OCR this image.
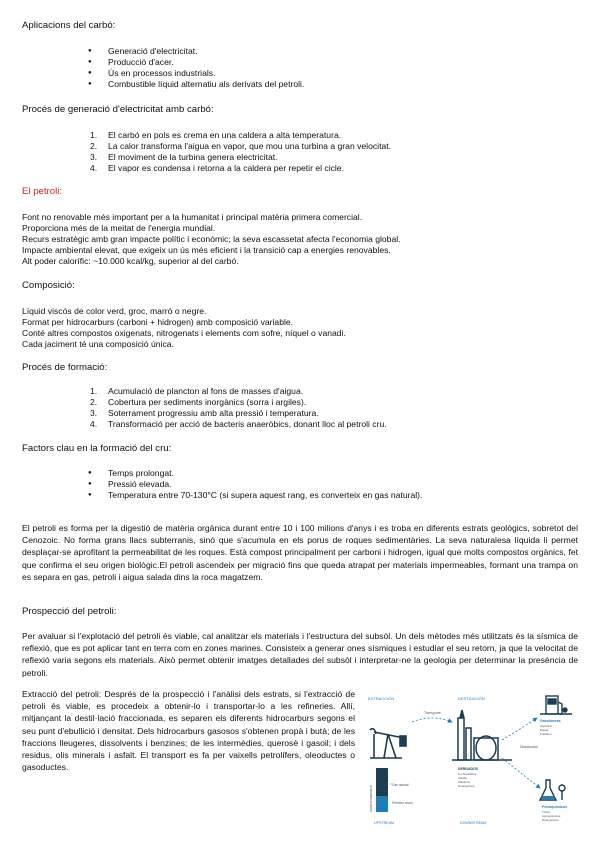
Aplicacions del carbó:
● Generació d'electricitat.
● Producció d'acer.
● Ús en processos industrials.
● Combustible líquid alternatiu als derivats del petroli.
Procés de generació d'electricitat amb carbó:
1. El carbó en pols es crema en una caldera a alta temperatura.
2. La calor transforma l'aigua en vapor, que mou una turbina a gran velocitat.
3. El moviment de la turbina genera electricitat.
4. El vapor es condensa i retorna a la caldera per repetir el cicle.
El petroli:
Font no renovable més important per a la humanitat i principal matèria primera comercial.
Proporciona més de la meitat de l'energia mundial.
Recurs estratègic amb gran impacte polític i econòmic; la seva escassetat afecta l'economia global.
Impacte ambiental elevat, que exigeix un ús més eficient i la transició cap a energies renovables.
Alt poder calorífic: ~10.000 kcal/kg, superior al del carbó.
Composició:
Líquid viscós de color verd, groc, marró o negre.
Format per hidrocarburs (carboni + hidrogen) amb composició variable.
Conté altres compostos oxigenats, nitrogenats i elements com sofre, níquel o vanadi.
Cada jaciment té una composició única.
Procés de formació:
1. Acumulació de plancton al fons de masses d'aigua.
2. Cobertura per sediments inorgànics (sorra i argiles).
3. Soterrament progressiu amb alta pressió i temperatura.
4. Transformació per acció de bacteris anaeròbics, donant lloc al petroli cru.
Factors clau en la formació del cru:
● Temps prolongat.
● Pressió elevada.
● Temperatura entre 70-130°C (si supera aquest rang, es converteix en gas natural).
El petroli es forma per la digestió de matèria orgànica durant entre 10 i 100 milions d'anys i es troba en diferents estrats geològics, sobretot del Cenozoic. No forma grans llacs subterranis, sinó que s'acumula en els porus de roques sedimentàries. La seva naturalesa líquida li permet desplaçar-se aprofitant la permeabilitat de les roques. Està compost principalment per carboni i hidrogen, igual que molts compostos orgànics, fet que confirma el seu origen biològic.El petroli ascendeix per migració fins que queda atrapat per materials impermeables, formant una trampa on es separa en gas, petroli i aigua salada dins la roca magatzem.
Prospecció del petroli:
Per avaluar si l'explotació del petroli és viable, cal analitzar els materials i l'estructura del subsòl. Un dels mètodes més utilitzats és la sísmica de reflexió, que es pot aplicar tant en terra com en zones marines. Consisteix a generar ones sísmiques i estudiar el seu retorn, ja que la velocitat de reflexió varia segons els materials. Això permet obtenir imatges detallades del subsòl i interpretar-ne la geologia per determinar la presència de petroli.
Extracció del petroli: Després de la prospecció i l'anàlisi dels estrats, si l'extracció de petroli és viable, es procedeix a obtenir-lo i transportar-lo a les refineries. Allí, mitjançant la destil·lació fraccionada, es separen els diferents hidrocarburs segons el seu punt d'ebullició i densitat. Dels hidrocarburs gasosos s'obtenen propà i butà; de les fraccions lleugeres, dissolvents i benzines; de les intermèdies, querosè i gasoil; i dels residus, olis minerals i asfalt. El transport es fa per vaixells petrolífers, oleoductes o gasoductes.
EXTRACCIÓN	DESTILACIÓN
Transporte
Distribución
Gasolineras
Gasolina Diesel Fuelóleo
Petroquímicos
Tintes Agroquímicos Detergentes
DERIVADOS
Combustibles Asfalto Plásticos Detergentes
HIDROCARBUROS
Gas natural
Petróleo crudo
UPSTREAM	DOWNSTREAM
